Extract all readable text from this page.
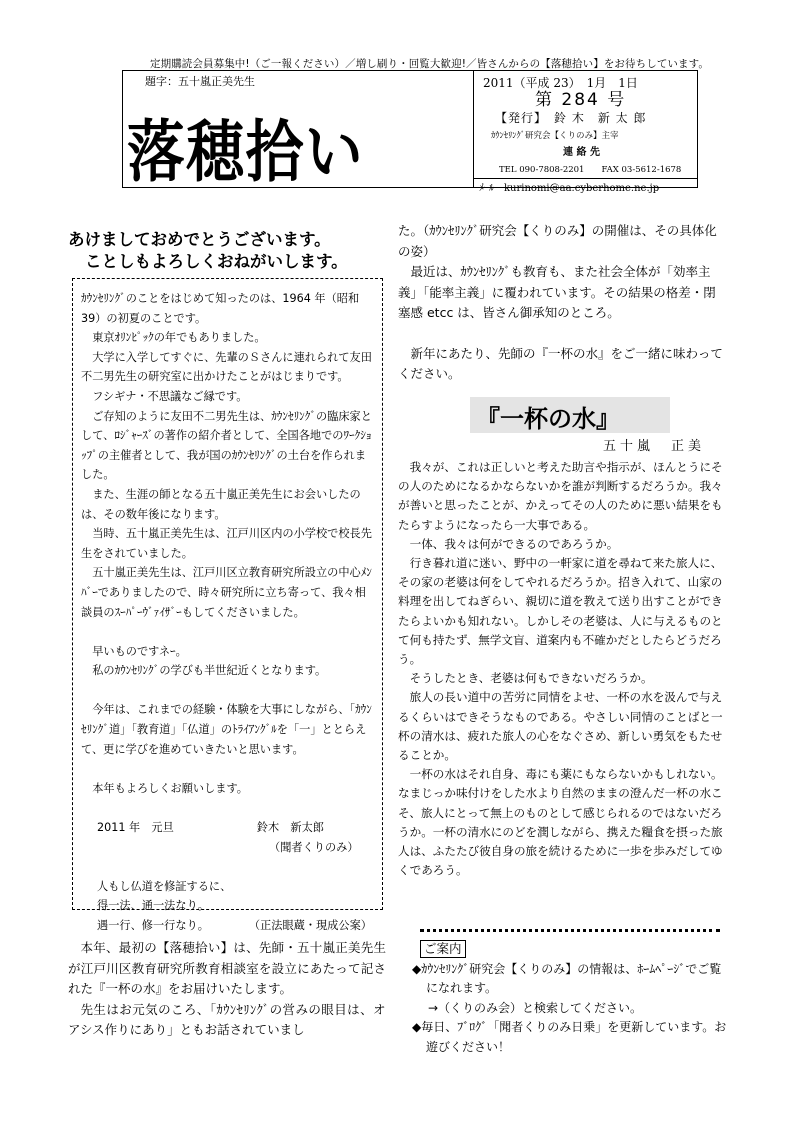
定期購読会員募集中!（ご一報ください）／増し刷り・回覧大歓迎!／皆さんからの【落穂拾い】をお待ちしています。
題字：五十嵐正美先生
落穂拾い
2011（平成 23）　1月　1日
第 284 号
【発行】　鈴 木　新 太 郎
ｶｳﾝｾﾘﾝｸﾞ研究会【くりのみ】主宰
連 絡 先
TEL 090-7808-2201　　FAX 03-5612-1678
ﾒｰﾙ　kurinomi@aa.cyberhome.ne.jp
あけましておめでとうございます。
ことしもよろしくおねがいします。

ｶｳﾝｾﾘﾝｸﾞのことをはじめて知ったのは、1964 年（昭和 39）の初夏のことです。

東京ｵﾘﾝﾋﾟｯｸの年でもありました。

大学に入学してすぐに、先輩のＳさんに連れられて友田不二男先生の研究室に出かけたことがはじまりです。

フシギナ・不思議なご縁です。

ご存知のように友田不二男先生は、ｶｳﾝｾﾘﾝｸﾞの臨床家として、ﾛｼﾞｬｰｽﾞの著作の紹介者として、全国各地でのﾜｰｸｼｮｯﾌﾟの主催者として、我が国のｶｳﾝｾﾘﾝｸﾞの土台を作られました。

また、生涯の師となる五十嵐正美先生にお会いしたのは、その数年後になります。

当時、五十嵐正美先生は、江戸川区内の小学校で校長先生をされていました。

五十嵐正美先生は、江戸川区立教育研究所設立の中心ﾒﾝﾊﾞｰでありましたので、時々研究所に立ち寄って、我々相談員のｽｰﾊﾟｰｳﾞｧｲｻﾞｰもしてくださいました。

早いものですネｰ。

私のｶｳﾝｾﾘﾝｸﾞの学びも半世紀近くとなります。

今年は、これまでの経験・体験を大事にしながら、「ｶｳﾝｾﾘﾝｸﾞ道」「教育道」「仏道」のﾄﾗｲｱﾝｸﾞﾙを「一」ととらえて、更に学びを進めていきたいと思います。

本年もよろしくお願いします。

2011 年　元旦	鈴木　新太郎

（聞者くりのみ）

人もし仏道を修証するに、

得一法、通一法なり。

遇一行、修一行なり。	（正法眼蔵・現成公案）

本年、最初の【落穂拾い】は、先師・五十嵐正美先生が江戸川区教育研究所教育相談室を設立にあたって記された『一杯の水』をお届けいたします。

先生はお元気のころ、「ｶｳﾝｾﾘﾝｸﾞの営みの眼目は、オアシス作りにあり」ともお話されていまし

た。（ｶｳﾝｾﾘﾝｸﾞ研究会【くりのみ】の開催は、その具体化の姿）

最近は、ｶｳﾝｾﾘﾝｸﾞも教育も、また社会全体が「効率主義」「能率主義」に覆われています。その結果の格差・閉塞感 etcc は、皆さん御承知のところ。

新年にあたり、先師の『一杯の水』をご一緒に味わってください。

『一杯の水』
五十嵐　正美

我々が、これは正しいと考えた助言や指示が、ほんとうにその人のためになるかならないかを誰が判断するだろうか。我々が善いと思ったことが、かえってその人のために悪い結果をもたらすようになったら一大事である。

一体、我々は何ができるのであろうか。

行き暮れ道に迷い、野中の一軒家に道を尋ねて来た旅人に、その家の老婆は何をしてやれるだろうか。招き入れて、山家の料理を出してねぎらい、親切に道を教えて送り出すことができたらよいかも知れない。しかしその老婆は、人に与えるものとて何も持たず、無学文盲、道案内も不確かだとしたらどうだろう。

そうしたとき、老婆は何もできないだろうか。

旅人の長い道中の苦労に同情をよせ、一杯の水を汲んで与えるくらいはできそうなものである。やさしい同情のことばと一杯の清水は、疲れた旅人の心をなぐさめ、新しい勇気をもたせることか。

一杯の水はそれ自身、毒にも薬にもならないかもしれない。なまじっか味付けをした水より自然のままの澄んだ一杯の水こそ、旅人にとって無上のものとして感じられるのではないだろうか。一杯の清水にのどを潤しながら、携えた糧食を摂った旅人は、ふたたび彼自身の旅を続けるために一歩を歩みだしてゆくであろう。

ご案内

◆ｶｳﾝｾﾘﾝｸﾞ研究会【くりのみ】の情報は、ﾎｰﾑﾍﾟｰｼﾞでご覧になれます。

→（くりのみ会）と検索してください。

◆毎日、ﾌﾞﾛｸﾞ「聞者くりのみ日乗」を更新しています。お遊びください！
